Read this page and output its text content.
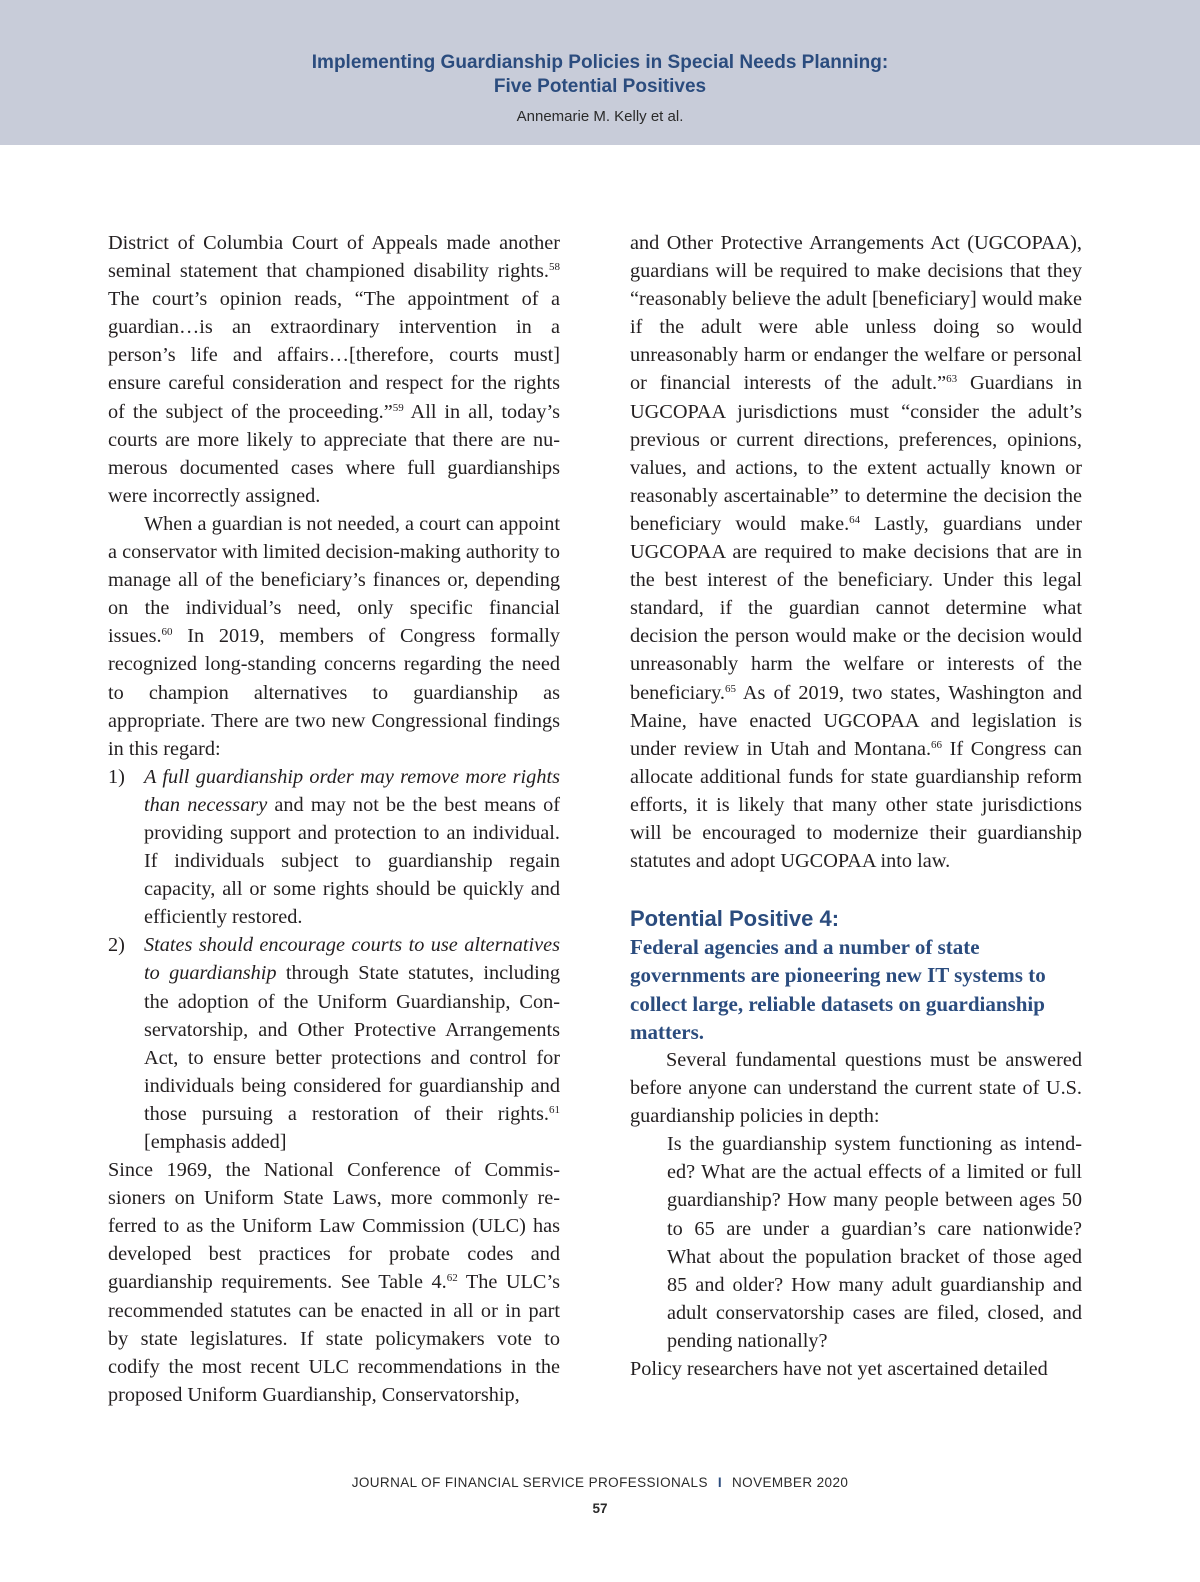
Implementing Guardianship Policies in Special Needs Planning:
Five Potential Positives
Annemarie M. Kelly et al.

District of Columbia Court of Appeals made another seminal statement that championed disability rights.$^{58}$ The court’s opinion reads, “The appointment of a guardian…is an extraordinary intervention in a person’s life and affairs…[therefore, courts must] ensure careful consideration and respect for the rights of the subject of the proceeding.”$^{59}$ All in all, today’s courts are more likely to appreciate that there are numerous documented cases where full guardianships were incorrectly assigned.

When a guardian is not needed, a court can appoint a conservator with limited decision-making authority to manage all of the beneficiary’s finances or, depending on the individual’s need, only specific financial issues.$^{60}$ In 2019, members of Congress formally recognized long-standing concerns regarding the need to champion alternatives to guardianship as appropriate. There are two new Congressional findings in this regard:

1) A full guardianship order may remove more rights than necessary and may not be the best means of providing support and protection to an individual. If individuals subject to guardianship regain capacity, all or some rights should be quickly and efficiently restored.

2) States should encourage courts to use alternatives to guardianship through State statutes, including the adoption of the Uniform Guardianship, Conservatorship, and Other Protective Arrangements Act, to ensure better protections and control for individuals being considered for guardianship and those pursuing a restoration of their rights.$^{61}$ [emphasis added]

Since 1969, the National Conference of Commissioners on Uniform State Laws, more commonly referred to as the Uniform Law Commission (ULC) has developed best practices for probate codes and guardianship requirements. See Table 4.62 The ULC’s recommended statutes can be enacted in all or in part by state legislatures. If state policymakers vote to codify the most recent ULC recommendations in the proposed Uniform Guardianship, Conservatorship,

and Other Protective Arrangements Act (UGCOPAA), guardians will be required to make decisions that they “reasonably believe the adult [beneficiary] would make if the adult were able unless doing so would unreasonably harm or endanger the welfare or personal or financial interests of the adult.”$^{63}$ Guardians in UGCOPAA jurisdictions must “consider the adult’s previous or current directions, preferences, opinions, values, and actions, to the extent actually known or reasonably ascertainable” to determine the decision the beneficiary would make.$^{64}$ Lastly, guardians under UGCOPAA are required to make decisions that are in the best interest of the beneficiary. Under this legal standard, if the guardian cannot determine what decision the person would make or the decision would unreasonably harm the welfare or interests of the beneficiary.$^{65}$ As of 2019, two states, Washington and Maine, have enacted UGCOPAA and legislation is under review in Utah and Montana.$^{66}$ If Congress can allocate additional funds for state guardianship reform efforts, it is likely that many other state jurisdictions will be encouraged to modernize their guardianship statutes and adopt UGCOPAA into law.

Potential Positive 4:
Federal agencies and a number of state governments are pioneering new IT systems to collect large, reliable datasets on guardianship matters.

Several fundamental questions must be answered before anyone can understand the current state of U.S. guardianship policies in depth:

Is the guardianship system functioning as intended? What are the actual effects of a limited or full guardianship? How many people between ages 50 to 65 are under a guardian’s care nationwide? What about the population bracket of those aged 85 and older? How many adult guardianship and adult conservatorship cases are filed, closed, and pending nationally?

Policy researchers have not yet ascertained detailed

JOURNAL OF FINANCIAL SERVICE PROFESSIONALS I NOVEMBER 2020
57
